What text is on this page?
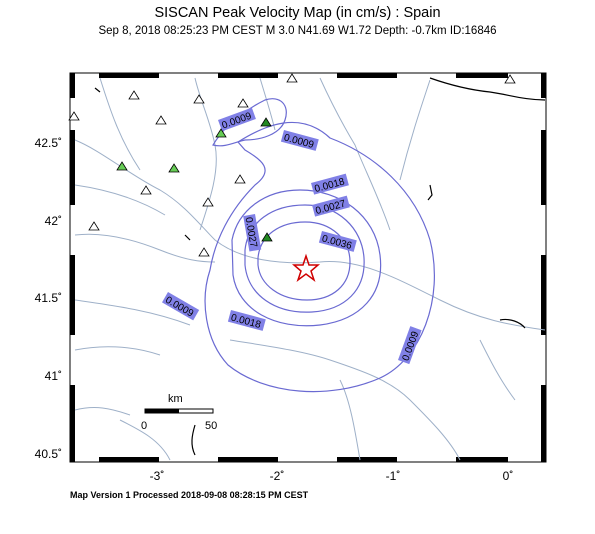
SISCAN Peak Velocity Map (in cm/s) : Spain
Sep 8, 2018 08:25:23 PM CEST M 3.0 N41.69 W1.72 Depth: -0.7km ID:16846
0.0009
0.0009
0.0009
0.0009
0.0018
0.0018
0.0027
0.0027	0.0036
km
0	50
42.5˚
42˚
41.5˚
41˚
40.5˚
-3˚	-2˚	-1˚	0˚
Map Version 1 Processed 2018-09-08 08:28:15 PM CEST
